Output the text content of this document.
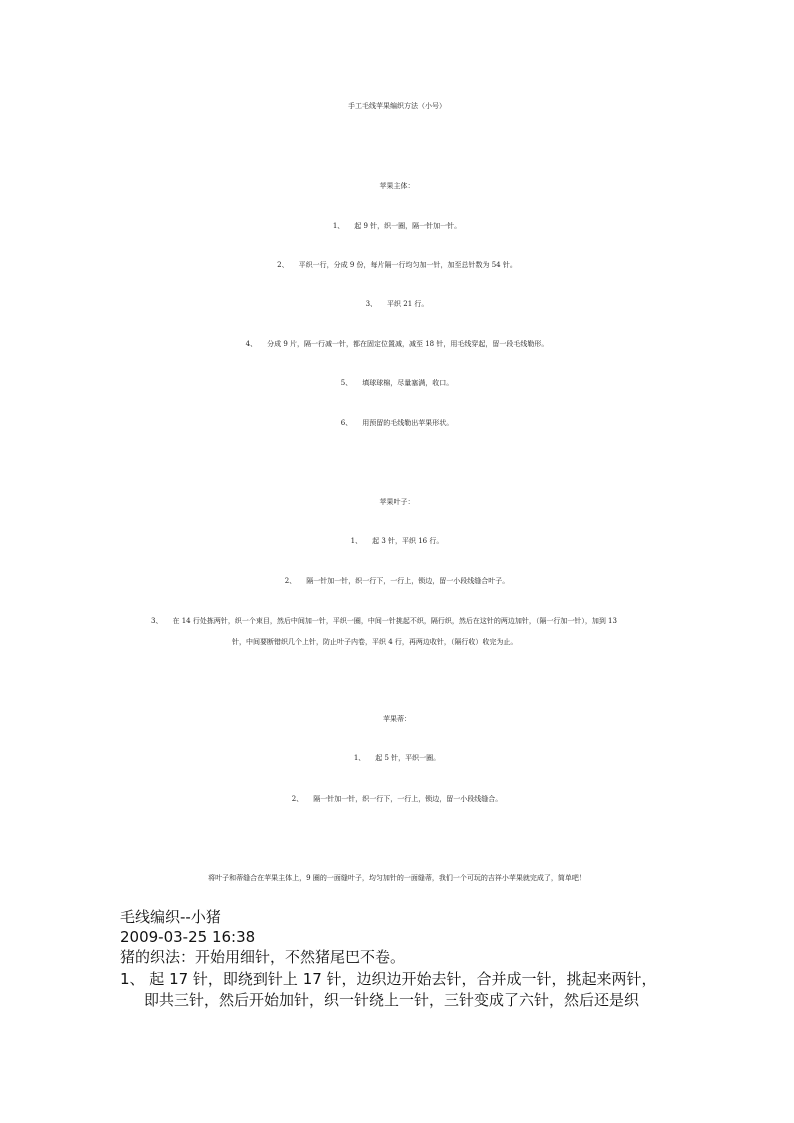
手工毛线苹果编织方法（小号）
苹果主体：
1、 起 9 针，织一圈，隔一针加一针。
2、 平织一行，分成 9 份，每片隔一行均匀加一针，加至总针数为 54 针。
3、 平织 21 行。
4、 分成 9 片，隔一行减一针，都在固定位置减，减至 18 针，用毛线穿起，留一段毛线勒形。
5、 填球球棉，尽量塞满，收口。
6、 用预留的毛线勒出苹果形状。
苹果叶子：
1、 起 3 针，平织 16 行。
2、 隔一针加一针，织一行下，一行上，锁边，留一小段线缝合叶子。
3、 在 14 行处拣两针，织一个束目，然后中间加一针，平织一圈，中间一针挑起不织，隔行织，然后在这针的两边加针，（隔一行加一针），加到 13
针，中间要断错织几个上针，防止叶子内卷，平织 4 行，再两边收针，（隔行收）收完为止。
苹果蒂：
1、 起 5 针，平织一圈。
2、 隔一针加一针，织一行下，一行上，锁边，留一小段线缝合。
将叶子和蒂缝合在苹果主体上，9 圈的一面缝叶子，均匀加针的一面缝蒂，我们一个可玩的吉祥小苹果就完成了，简单吧！
毛线编织--小猪
2009-03-25 16:38
猪的织法：开始用细针，不然猪尾巴不卷。
1、 起 17 针，即绕到针上 17 针，边织边开始去针，合并成一针，挑起来两针，
即共三针，然后开始加针，织一针绕上一针，三针变成了六针，然后还是织
